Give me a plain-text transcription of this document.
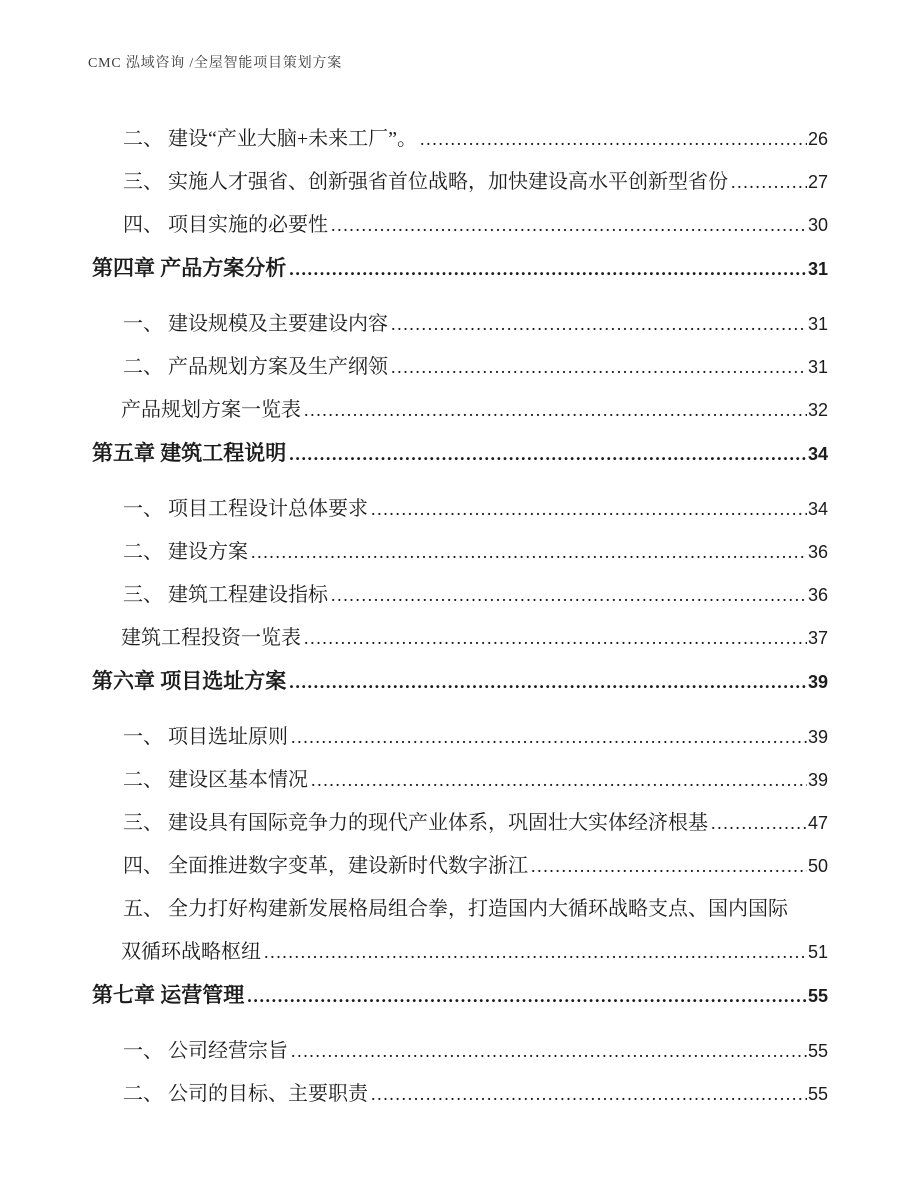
CMC 泓域咨询 /全屋智能项目策划方案
二、 建设“产业大脑+未来工厂”。 .....	26
三、 实施人才强省、创新强省首位战略，加快建设高水平创新型省份 .....	27
四、 项目实施的必要性 .....	30
第四章 产品方案分析 .....	31
一、 建设规模及主要建设内容 .....	31
二、 产品规划方案及生产纲领 .....	31
产品规划方案一览表 .....	32
第五章 建筑工程说明 .....	34
一、 项目工程设计总体要求 .....	34
二、 建设方案 .....	36
三、 建筑工程建设指标 .....	36
建筑工程投资一览表 .....	37
第六章 项目选址方案 .....	39
一、 项目选址原则 .....	39
二、 建设区基本情况 .....	39
三、 建设具有国际竞争力的现代产业体系，巩固壮大实体经济根基 .....	47
四、 全面推进数字变革，建设新时代数字浙江 .....	50
五、 全力打好构建新发展格局组合拳，打造国内大循环战略支点、国内国际
双循环战略枢纽 .....	51
第七章 运营管理 .....	55
一、 公司经营宗旨 .....	55
二、 公司的目标、主要职责 .....	55
